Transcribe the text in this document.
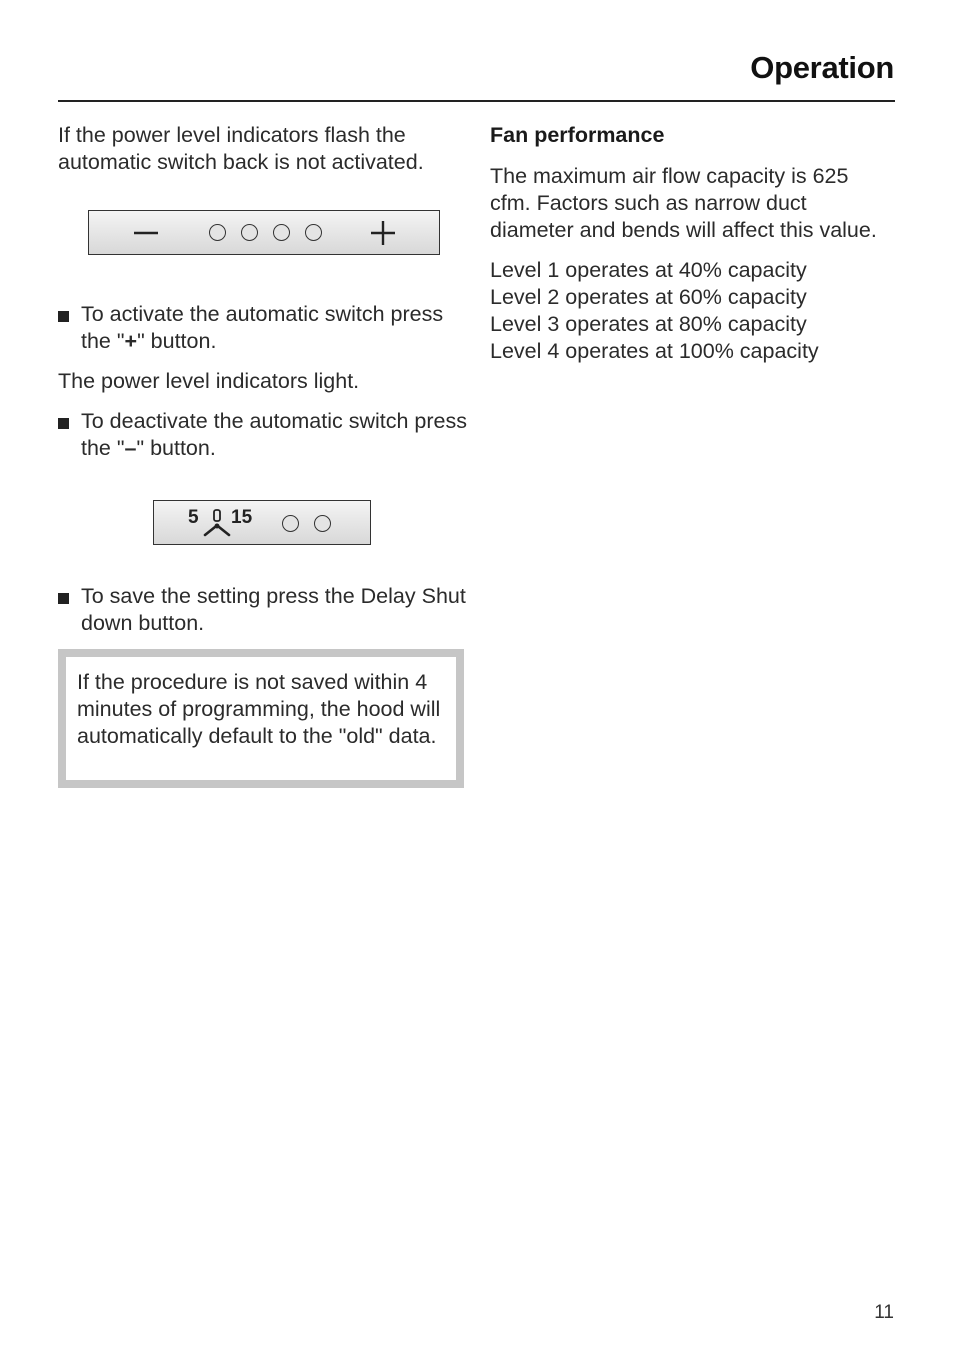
Operation

If the power level indicators flash the automatic switch back is not activated.

To activate the automatic switch press the "+" button.

The power level indicators light.

To deactivate the automatic switch press the "–" button.
To save the setting press the Delay Shut down button.
5 15

If the procedure is not saved within 4 minutes of programming, the hood will automatically default to the "old" data.

Fan performance

The maximum air flow capacity is 625 cfm. Factors such as narrow duct diameter and bends will affect this value.

Level 1 operates at 40% capacity
Level 2 operates at 60% capacity
Level 3 operates at 80% capacity
Level 4 operates at 100% capacity

11
